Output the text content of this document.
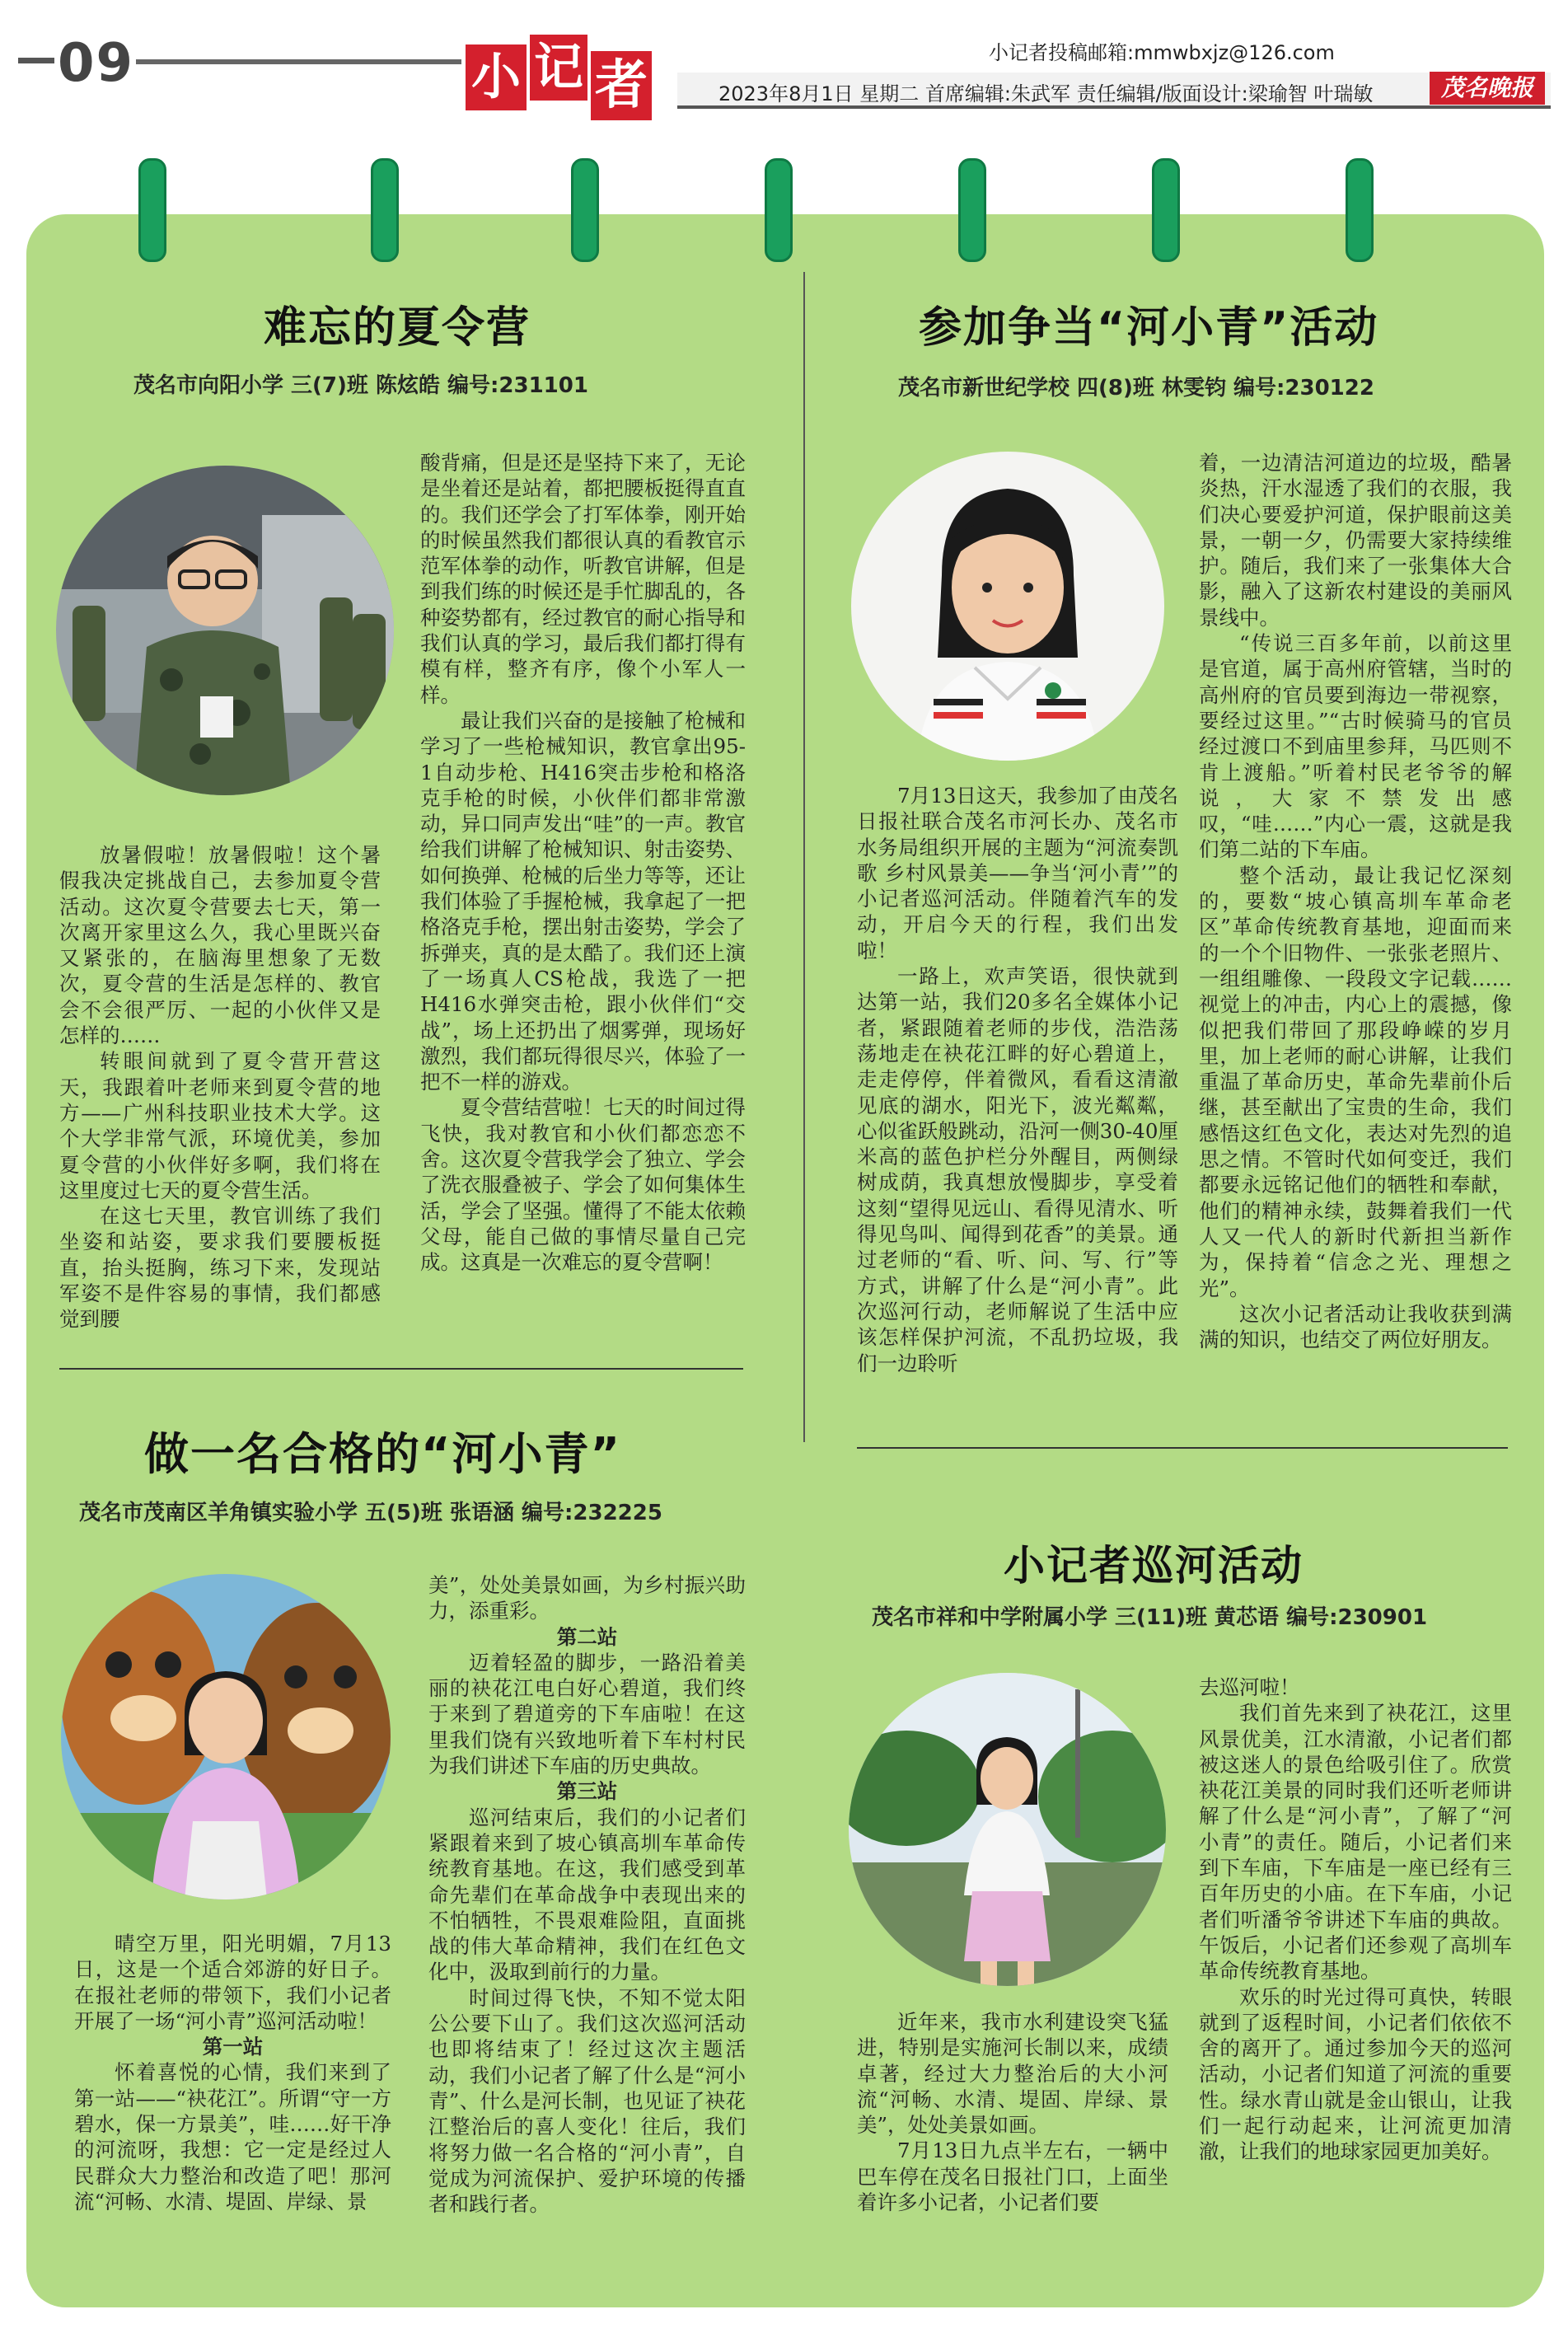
09	小 记 者
小记者投稿邮箱:mmwbxjz@126.com
2023年8月1日 星期二 首席编辑:朱武军 责任编辑/版面设计:梁瑜智 叶瑞敏	茂名晚报
难忘的夏令营
茂名市向阳小学 三(7)班 陈炫皓 编号:231101

放暑假啦！放暑假啦！这个暑假我决定挑战自己，去参加夏令营活动。这次夏令营要去七天，第一次离开家里这么久，我心里既兴奋又紧张的，在脑海里想象了无数次，夏令营的生活是怎样的、教官会不会很严厉、一起的小伙伴又是怎样的……

转眼间就到了夏令营开营这天，我跟着叶老师来到夏令营的地方——广州科技职业技术大学。这个大学非常气派，环境优美，参加夏令营的小伙伴好多啊，我们将在这里度过七天的夏令营生活。

在这七天里，教官训练了我们坐姿和站姿，要求我们要腰板挺直，抬头挺胸，练习下来，发现站军姿不是件容易的事情，我们都感觉到腰

酸背痛，但是还是坚持下来了，无论是坐着还是站着，都把腰板挺得直直的。我们还学会了打军体拳，刚开始的时候虽然我们都很认真的看教官示范军体拳的动作，听教官讲解，但是到我们练的时候还是手忙脚乱的，各种姿势都有，经过教官的耐心指导和我们认真的学习，最后我们都打得有模有样，整齐有序，像个小军人一样。

最让我们兴奋的是接触了枪械和学习了一些枪械知识，教官拿出95-1自动步枪、H416突击步枪和格洛克手枪的时候，小伙伴们都非常激动，异口同声发出“哇”的一声。教官给我们讲解了枪械知识、射击姿势、如何换弹、枪械的后坐力等等，还让我们体验了手握枪械，我拿起了一把格洛克手枪，摆出射击姿势，学会了拆弹夹，真的是太酷了。我们还上演了一场真人CS枪战，我选了一把H416水弹突击枪，跟小伙伴们“交战”，场上还扔出了烟雾弹，现场好激烈，我们都玩得很尽兴，体验了一把不一样的游戏。

夏令营结营啦！七天的时间过得飞快，我对教官和小伙们都恋恋不舍。这次夏令营我学会了独立、学会了洗衣服叠被子、学会了如何集体生活，学会了坚强。懂得了不能太依赖父母，能自己做的事情尽量自己完成。这真是一次难忘的夏令营啊！

参加争当“河小青”活动
茂名市新世纪学校 四(8)班 林雯钧 编号:230122

7月13日这天，我参加了由茂名日报社联合茂名市河长办、茂名市水务局组织开展的主题为“河流奏凯歌 乡村风景美——争当‘河小青’”的小记者巡河活动。伴随着汽车的发动，开启今天的行程，我们出发啦！

一路上，欢声笑语，很快就到达第一站，我们20多名全媒体小记者，紧跟随着老师的步伐，浩浩荡荡地走在袂花江畔的好心碧道上，走走停停，伴着微风，看看这清澈见底的湖水，阳光下，波光粼粼，心似雀跃般跳动，沿河一侧30-40厘米高的蓝色护栏分外醒目，两侧绿树成荫，我真想放慢脚步，享受着这刻“望得见远山、看得见清水、听得见鸟叫、闻得到花香”的美景。通过老师的“看、听、问、写、行”等方式，讲解了什么是“河小青”。此次巡河行动，老师解说了生活中应该怎样保护河流，不乱扔垃圾，我们一边聆听

着，一边清洁河道边的垃圾，酷暑炎热，汗水湿透了我们的衣服，我们决心要爱护河道，保护眼前这美景，一朝一夕，仍需要大家持续维护。随后，我们来了一张集体大合影，融入了这新农村建设的美丽风景线中。

“传说三百多年前，以前这里是官道，属于高州府管辖，当时的高州府的官员要到海边一带视察，要经过这里。”“古时候骑马的官员经过渡口不到庙里参拜，马匹则不肯上渡船。”听着村民老爷爷的解说，大家不禁发出感叹，“哇……”内心一震，这就是我们第二站的下车庙。

整个活动，最让我记忆深刻的，要数“坡心镇高圳车革命老区”革命传统教育基地，迎面而来的一个个旧物件、一张张老照片、一组组雕像、一段段文字记载……视觉上的冲击，内心上的震撼，像似把我们带回了那段峥嵘的岁月里，加上老师的耐心讲解，让我们重温了革命历史，革命先辈前仆后继，甚至献出了宝贵的生命，我们感悟这红色文化，表达对先烈的追思之情。不管时代如何变迁，我们都要永远铭记他们的牺牲和奉献，他们的精神永续，鼓舞着我们一代人又一代人的新时代新担当新作为，保持着“信念之光、理想之光”。

这次小记者活动让我收获到满满的知识，也结交了两位好朋友。

做一名合格的“河小青”
茂名市茂南区羊角镇实验小学 五(5)班 张语涵 编号:232225

晴空万里，阳光明媚，7月13日，这是一个适合郊游的好日子。在报社老师的带领下，我们小记者开展了一场“河小青”巡河活动啦！

第一站

怀着喜悦的心情，我们来到了第一站——“袂花江”。所谓“守一方碧水，保一方景美”，哇……好干净的河流呀，我想：它一定是经过人民群众大力整治和改造了吧！那河流“河畅、水清、堤固、岸绿、景

美”，处处美景如画，为乡村振兴助力，添重彩。

第二站

迈着轻盈的脚步，一路沿着美丽的袂花江电白好心碧道，我们终于来到了碧道旁的下车庙啦！在这里我们饶有兴致地听着下车村村民为我们讲述下车庙的历史典故。

第三站

巡河结束后，我们的小记者们紧跟着来到了坡心镇高圳车革命传统教育基地。在这，我们感受到革命先辈们在革命战争中表现出来的不怕牺牲，不畏艰难险阻，直面挑战的伟大革命精神，我们在红色文化中，汲取到前行的力量。

时间过得飞快，不知不觉太阳公公要下山了。我们这次巡河活动也即将结束了！经过这次主题活动，我们小记者了解了什么是“河小青”、什么是河长制，也见证了袂花江整治后的喜人变化！往后，我们将努力做一名合格的“河小青”，自觉成为河流保护、爱护环境的传播者和践行者。

小记者巡河活动
茂名市祥和中学附属小学 三(11)班 黄芯语 编号:230901

近年来，我市水利建设突飞猛进，特别是实施河长制以来，成绩卓著，经过大力整治后的大小河流“河畅、水清、堤固、岸绿、景美”，处处美景如画。

7月13日九点半左右，一辆中巴车停在茂名日报社门口，上面坐着许多小记者，小记者们要

去巡河啦！

我们首先来到了袂花江，这里风景优美，江水清澈，小记者们都被这迷人的景色给吸引住了。欣赏袂花江美景的同时我们还听老师讲解了什么是“河小青”，了解了“河小青”的责任。随后，小记者们来到下车庙，下车庙是一座已经有三百年历史的小庙。在下车庙，小记者们听潘爷爷讲述下车庙的典故。午饭后，小记者们还参观了高圳车革命传统教育基地。

欢乐的时光过得可真快，转眼就到了返程时间，小记者们依依不舍的离开了。通过参加今天的巡河活动，小记者们知道了河流的重要性。绿水青山就是金山银山，让我们一起行动起来，让河流更加清澈，让我们的地球家园更加美好。
